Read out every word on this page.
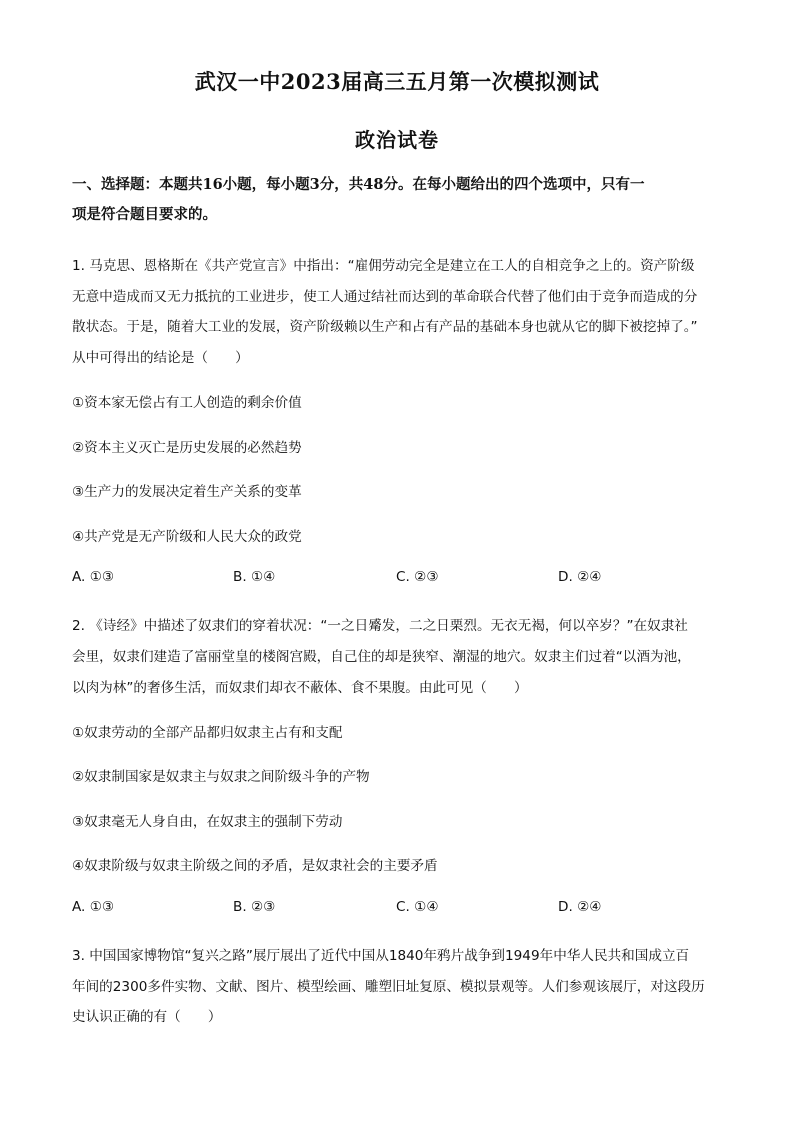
武汉一中2023届高三五月第一次模拟测试
政治试卷
一、选择题：本题共16小题，每小题3分，共48分。在每小题给出的四个选项中，只有一
项是符合题目要求的。
1. 马克思、恩格斯在《共产党宣言》中指出：“雇佣劳动完全是建立在工人的自相竞争之上的。资产阶级
无意中造成而又无力抵抗的工业进步，使工人通过结社而达到的革命联合代替了他们由于竞争而造成的分
散状态。于是，随着大工业的发展，资产阶级赖以生产和占有产品的基础本身也就从它的脚下被挖掉了。”
从中可得出的结论是（　　）
①资本家无偿占有工人创造的剩余价值
②资本主义灭亡是历史发展的必然趋势
③生产力的发展决定着生产关系的变革
④共产党是无产阶级和人民大众的政党
A. ①③	B. ①④	C. ②③	D. ②④
2. 《诗经》中描述了奴隶们的穿着状况：“一之日觱发，二之日栗烈。无衣无褐，何以卒岁？”在奴隶社
会里，奴隶们建造了富丽堂皇的楼阁宫殿，自己住的却是狭窄、潮湿的地穴。奴隶主们过着“以酒为池，
以肉为林”的奢侈生活，而奴隶们却衣不蔽体、食不果腹。由此可见（　　）
①奴隶劳动的全部产品都归奴隶主占有和支配
②奴隶制国家是奴隶主与奴隶之间阶级斗争的产物
③奴隶毫无人身自由，在奴隶主的强制下劳动
④奴隶阶级与奴隶主阶级之间的矛盾，是奴隶社会的主要矛盾
A. ①③	B. ②③	C. ①④	D. ②④
3. 中国国家博物馆“复兴之路”展厅展出了近代中国从1840年鸦片战争到1949年中华人民共和国成立百
年间的2300多件实物、文献、图片、模型绘画、雕塑旧址复原、模拟景观等。人们参观该展厅，对这段历
史认识正确的有（　　）
